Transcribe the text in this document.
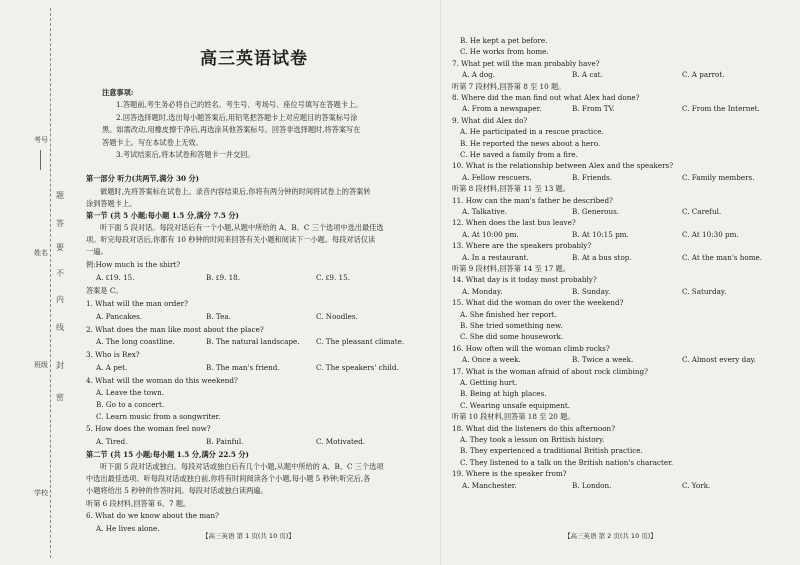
考号
姓名
班级
学校
密
封
线
内
不
要
答
题
高三英语试卷
注意事项:
1.答题前,考生务必将自己的姓名、考生号、考场号、座位号填写在答题卡上。
2.回答选择题时,选出每小题答案后,用铅笔把答题卡上对应题目的答案标号涂
黑。如需改动,用橡皮擦干净后,再选涂其他答案标号。回答非选择题时,将答案写在
答题卡上。写在本试卷上无效。
3.考试结束后,将本试卷和答题卡一并交回。
第一部分 听力(共两节,满分 30 分)
做题时,先将答案标在试卷上。录音内容结束后,你将有两分钟的时间将试卷上的答案转
涂到答题卡上。
第一节 (共 5 小题;每小题 1.5 分,满分 7.5 分)
听下面 5 段对话。每段对话后有一个小题,从题中所给的 A、B、C 三个选项中选出最佳选
项。听完每段对话后,你都有 10 秒钟的时间来回答有关小题和阅读下一小题。每段对话仅读
一遍。
例:How much is the shirt?
A. ₤19. 15.	B. ₤9. 18.	C. ₤9. 15.
答案是 C。
1. What will the man order?
A. Pancakes.	B. Tea.	C. Noodles.
2. What does the man like most about the place?
A. The long coastline.	B. The natural landscape. C. The pleasant climate.
3. Who is Rex?
A. A pet.	B. The man's friend.	C. The speakers' child.
4. What will the woman do this weekend?
A. Leave the town.
B. Go to a concert.
C. Learn music from a songwriter.
5. How does the woman feel now?
A. Tired.	B. Painful.	C. Motivated.
第二节 (共 15 小题;每小题 1.5 分,满分 22.5 分)
听下面 5 段对话或独白。每段对话或独白后有几个小题,从题中所给的 A、B、C 三个选项
中选出最佳选项。听每段对话或独白前,你将有时间阅读各个小题,每小题 5 秒钟;听完后,各
小题将给出 5 秒钟的作答时间。每段对话或独白读两遍。
听第 6 段材料,回答第 6、7 题。
6. What do we know about the man?
A. He lives alone.
【高三英语 第 1 页(共 10 页)】
B. He kept a pet before.
C. He works from home.
7. What pet will the man probably have?
A. A dog.	B. A cat.	C. A parrot.
听第 7 段材料,回答第 8 至 10 题。
8. Where did the man find out what Alex had done?
A. From a newspaper.	B. From TV.	C. From the Internet.
9. What did Alex do?
A. He participated in a rescue practice.
B. He reported the news about a hero.
C. He saved a family from a fire.
10. What is the relationship between Alex and the speakers?
A. Fellow rescuers.	B. Friends.	C. Family members.
听第 8 段材料,回答第 11 至 13 题。
11. How can the man's father be described?
A. Talkative.	B. Generous.	C. Careful.
12. When does the last bus leave?
A. At 10:00 pm.	B. At 10:15 pm.	C. At 10:30 pm.
13. Where are the speakers probably?
A. In a restaurant.	B. At a bus stop.	C. At the man's home.
听第 9 段材料,回答第 14 至 17 题。
14. What day is it today most probably?
A. Monday.	B. Sunday.	C. Saturday.
15. What did the woman do over the weekend?
A. She finished her report.
B. She tried something new.
C. She did some housework.
16. How often will the woman climb rocks?
A. Once a week.	B. Twice a week.	C. Almost every day.
17. What is the woman afraid of about rock climbing?
A. Getting hurt.
B. Being at high places.
C. Wearing unsafe equipment.
听第 10 段材料,回答第 18 至 20 题。
18. What did the listeners do this afternoon?
A. They took a lesson on British history.
B. They experienced a traditional British practice.
C. They listened to a talk on the British nation's character.
19. Where is the speaker from?
A. Manchester.	B. London.	C. York.
【高三英语 第 2 页(共 10 页)】
